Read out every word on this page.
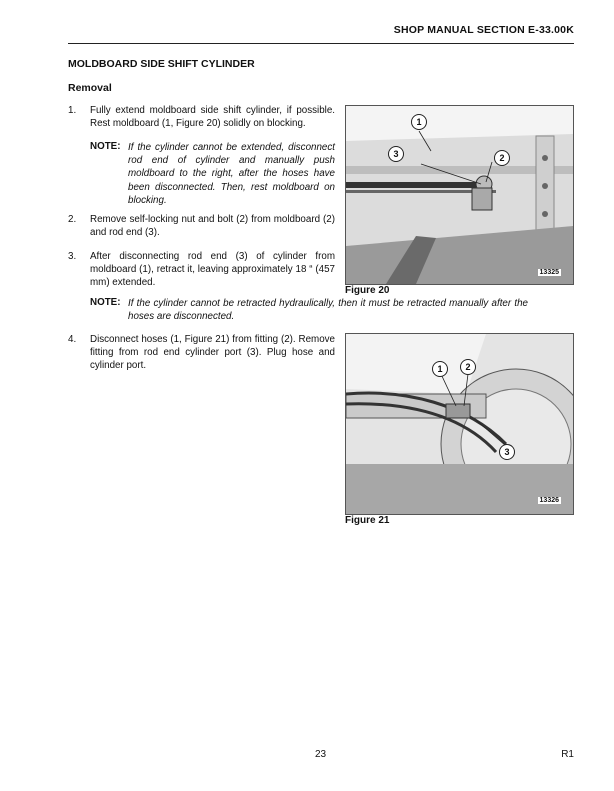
SHOP MANUAL SECTION E-33.00K
MOLDBOARD SIDE SHIFT CYLINDER
Removal
1. Fully extend moldboard side shift cylinder, if possible. Rest moldboard (1, Figure 20) solidly on blocking.
NOTE: If the cylinder cannot be extended, disconnect rod end of cylinder and manually push moldboard to the right, after the hoses have been disconnected. Then, rest moldboard on blocking.
2. Remove self-locking nut and bolt (2) from moldboard (2) and rod end (3).
3. After disconnecting rod end (3) of cylinder from moldboard (1), retract it, leaving approximately 18 “ (457 mm) extended.
NOTE: If the cylinder cannot be retracted hydraulically, then it must be retracted manually after the hoses are disconnected.
4. Disconnect hoses (1, Figure 21) from fitting (2). Remove fitting from rod end cylinder port (3). Plug hose and cylinder port.
1
2
3
13325
Figure 20
1	2
3
13326
Figure 21
23	R1
